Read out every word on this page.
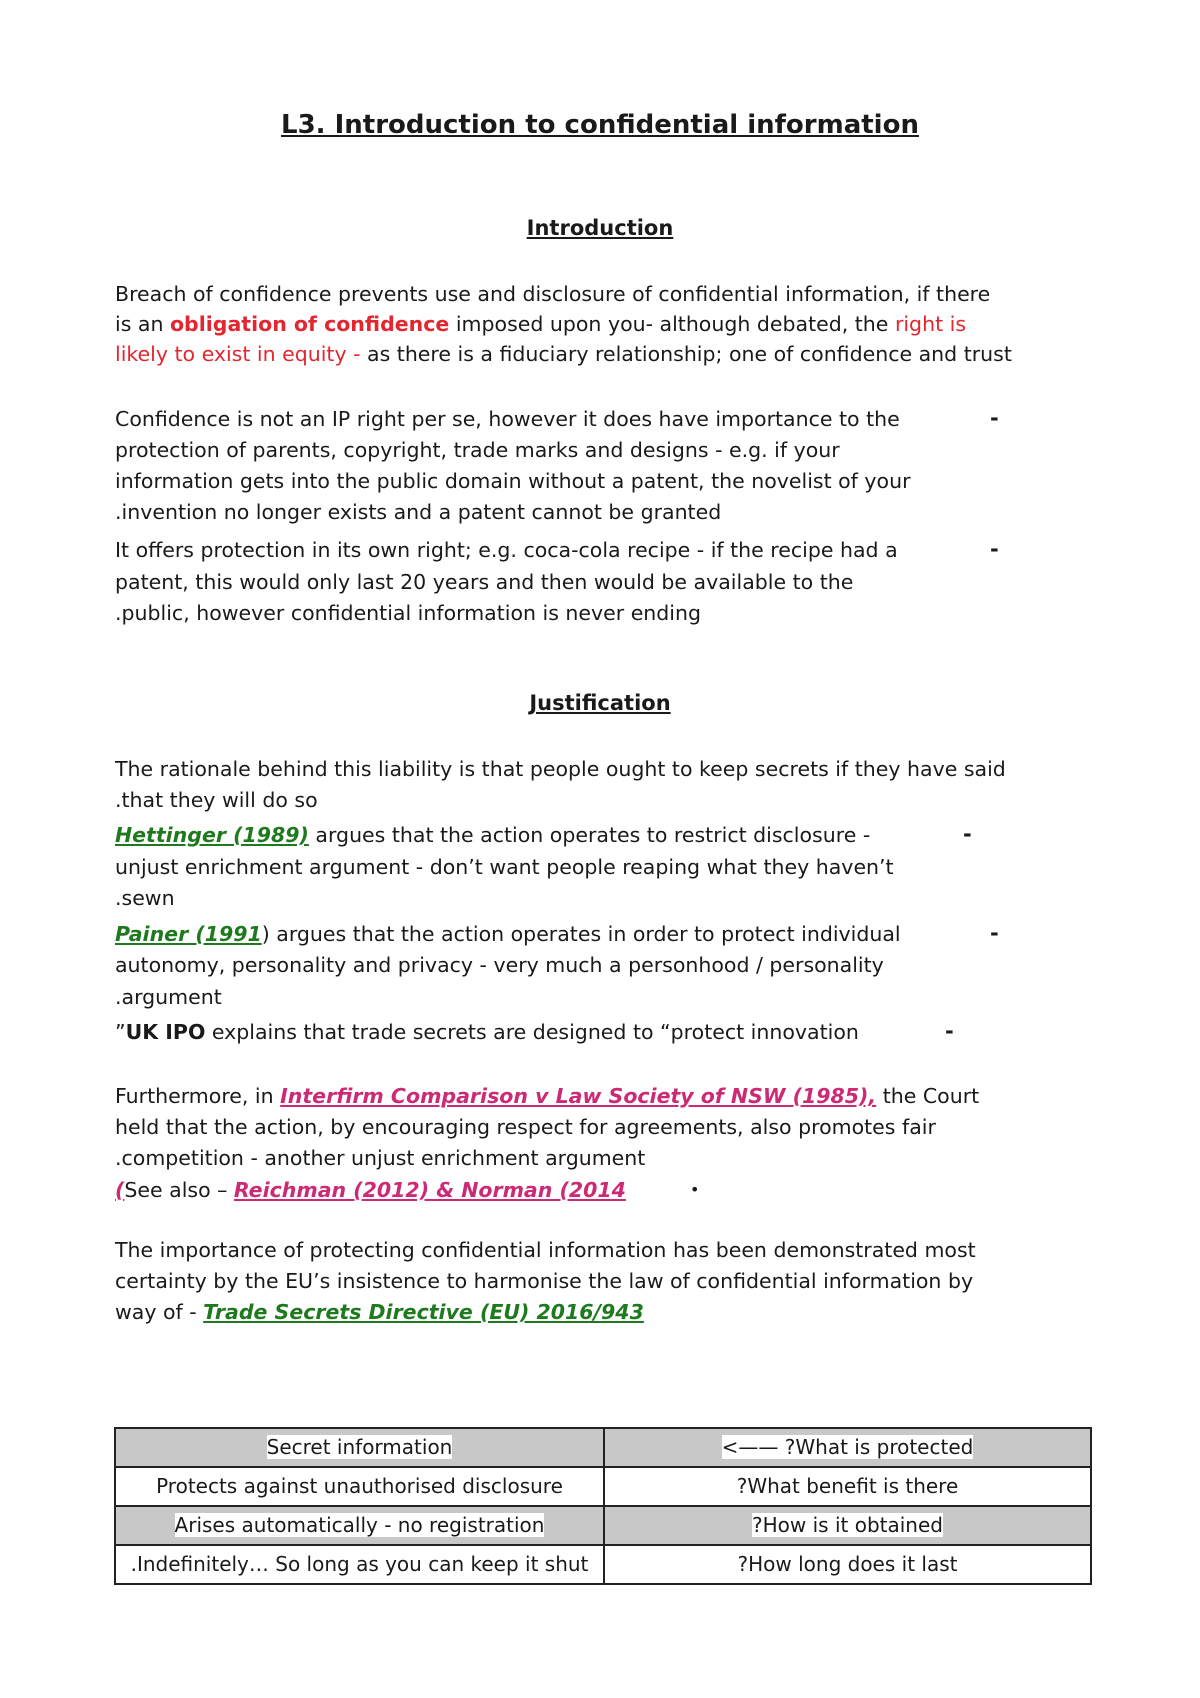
L3. Introduction to confidential information
Introduction
Breach of confidence prevents use and disclosure of confidential information, if there
is an obligation of confidence imposed upon you- although debated, the right is
likely to exist in equity - as there is a fiduciary relationship; one of confidence and trust
Confidence is not an IP right per se, however it does have importance to the	-
protection of parents, copyright, trade marks and designs - e.g. if your
information gets into the public domain without a patent, the novelist of your
.invention no longer exists and a patent cannot be granted
It offers protection in its own right; e.g. coca-cola recipe - if the recipe had a	-
patent, this would only last 20 years and then would be available to the
.public, however confidential information is never ending
Justification
The rationale behind this liability is that people ought to keep secrets if they have said
.that they will do so
Hettinger (1989) argues that the action operates to restrict disclosure -	-
unjust enrichment argument - don’t want people reaping what they haven’t
.sewn
Painer (1991) argues that the action operates in order to protect individual	-
autonomy, personality and privacy - very much a personhood / personality
.argument
”UK IPO explains that trade secrets are designed to “protect innovation	-
Furthermore, in Interfirm Comparison v Law Society of NSW (1985), the Court
held that the action, by encouraging respect for agreements, also promotes fair
.competition - another unjust enrichment argument
(See also – Reichman (2012) & Norman (2014	•
The importance of protecting confidential information has been demonstrated most
certainty by the EU’s insistence to harmonise the law of confidential information by
way of - Trade Secrets Directive (EU) 2016/943
Secret information	<—— ?What is protected
Protects against unauthorised disclosure	?What benefit is there
Arises automatically - no registration	?How is it obtained
.Indefinitely… So long as you can keep it shut	?How long does it last
